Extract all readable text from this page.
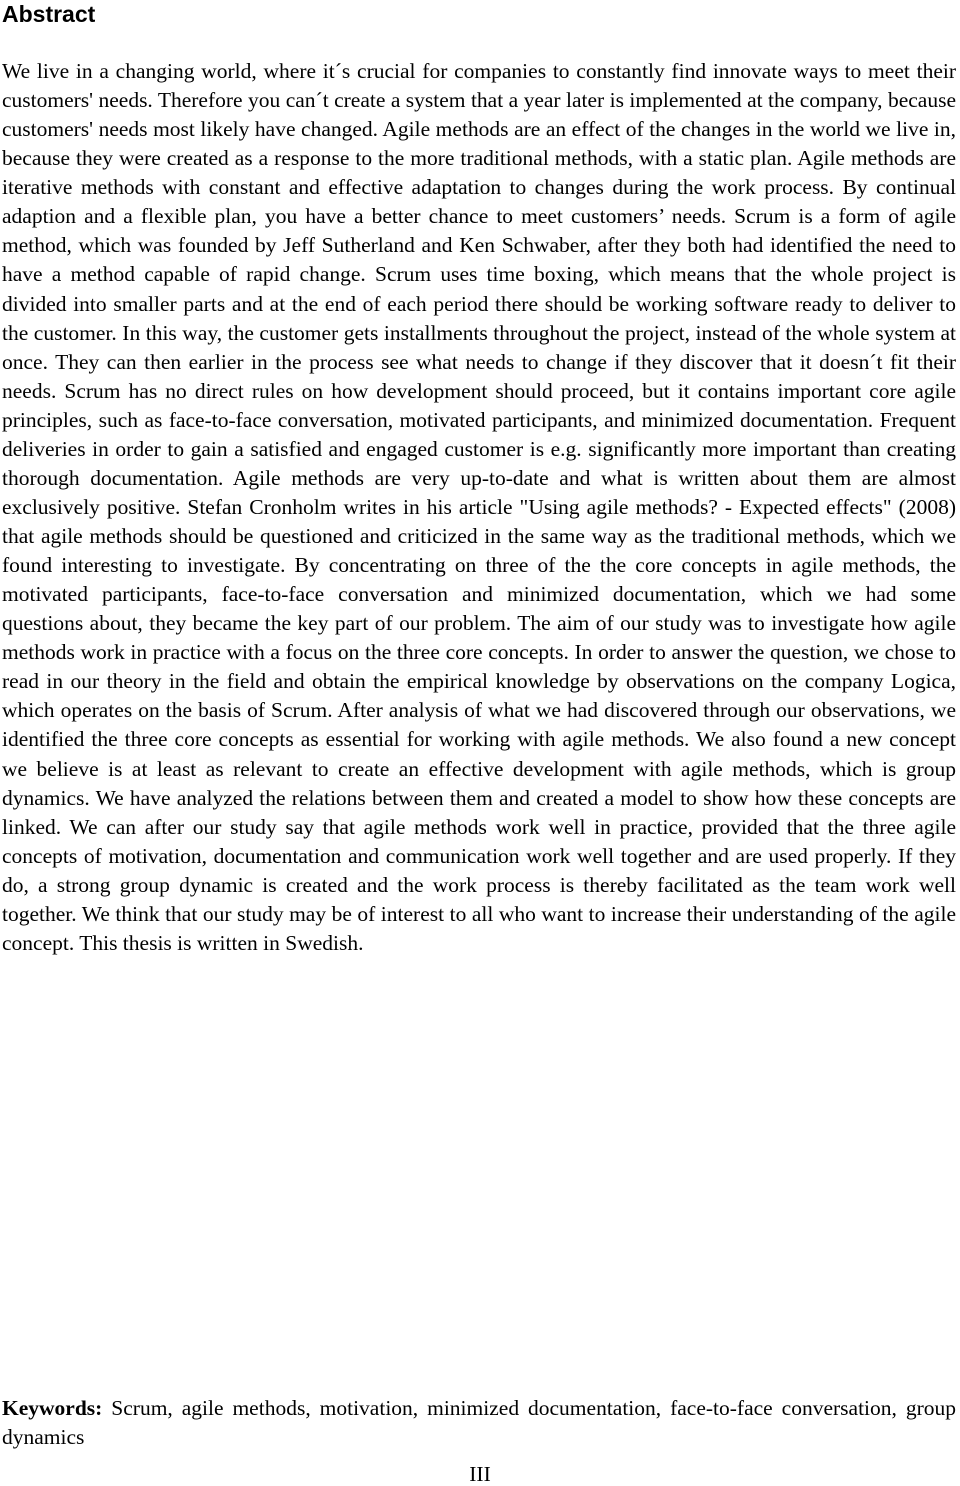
Abstract

We live in a changing world, where it´s crucial for companies to constantly find innovate ways to meet their customers' needs. Therefore you can´t create a system that a year later is implemented at the company, because customers' needs most likely have changed. Agile methods are an effect of the changes in the world we live in, because they were created as a response to the more traditional methods, with a static plan. Agile methods are iterative methods with constant and effective adaptation to changes during the work process. By continual adaption and a flexible plan, you have a better chance to meet customers’ needs. Scrum is a form of agile method, which was founded by Jeff Sutherland and Ken Schwaber, after they both had identified the need to have a method capable of rapid change. Scrum uses time boxing, which means that the whole project is divided into smaller parts and at the end of each period there should be working software ready to deliver to the customer. In this way, the customer gets installments throughout the project, instead of the whole system at once. They can then earlier in the process see what needs to change if they discover that it doesn´t fit their needs. Scrum has no direct rules on how development should proceed, but it contains important core agile principles, such as face-to-face conversation, motivated participants, and minimized documentation. Frequent deliveries in order to gain a satisfied and engaged customer is e.g. significantly more important than creating thorough documentation. Agile methods are very up-to-date and what is written about them are almost exclusively positive. Stefan Cronholm writes in his article "Using agile methods? - Expected effects" (2008) that agile methods should be questioned and criticized in the same way as the traditional methods, which we found interesting to investigate. By concentrating on three of the the core concepts in agile methods, the motivated participants, face-to-face conversation and minimized documentation, which we had some questions about, they became the key part of our problem. The aim of our study was to investigate how agile methods work in practice with a focus on the three core concepts. In order to answer the question, we chose to read in our theory in the field and obtain the empirical knowledge by observations on the company Logica, which operates on the basis of Scrum. After analysis of what we had discovered through our observations, we identified the three core concepts as essential for working with agile methods. We also found a new concept we believe is at least as relevant to create an effective development with agile methods, which is group dynamics. We have analyzed the relations between them and created a model to show how these concepts are linked. We can after our study say that agile methods work well in practice, provided that the three agile concepts of motivation, documentation and communication work well together and are used properly. If they do, a strong group dynamic is created and the work process is thereby facilitated as the team work well together. We think that our study may be of interest to all who want to increase their understanding of the agile concept. This thesis is written in Swedish.

Keywords: Scrum, agile methods, motivation, minimized documentation, face-to-face conversation, group dynamics

III
